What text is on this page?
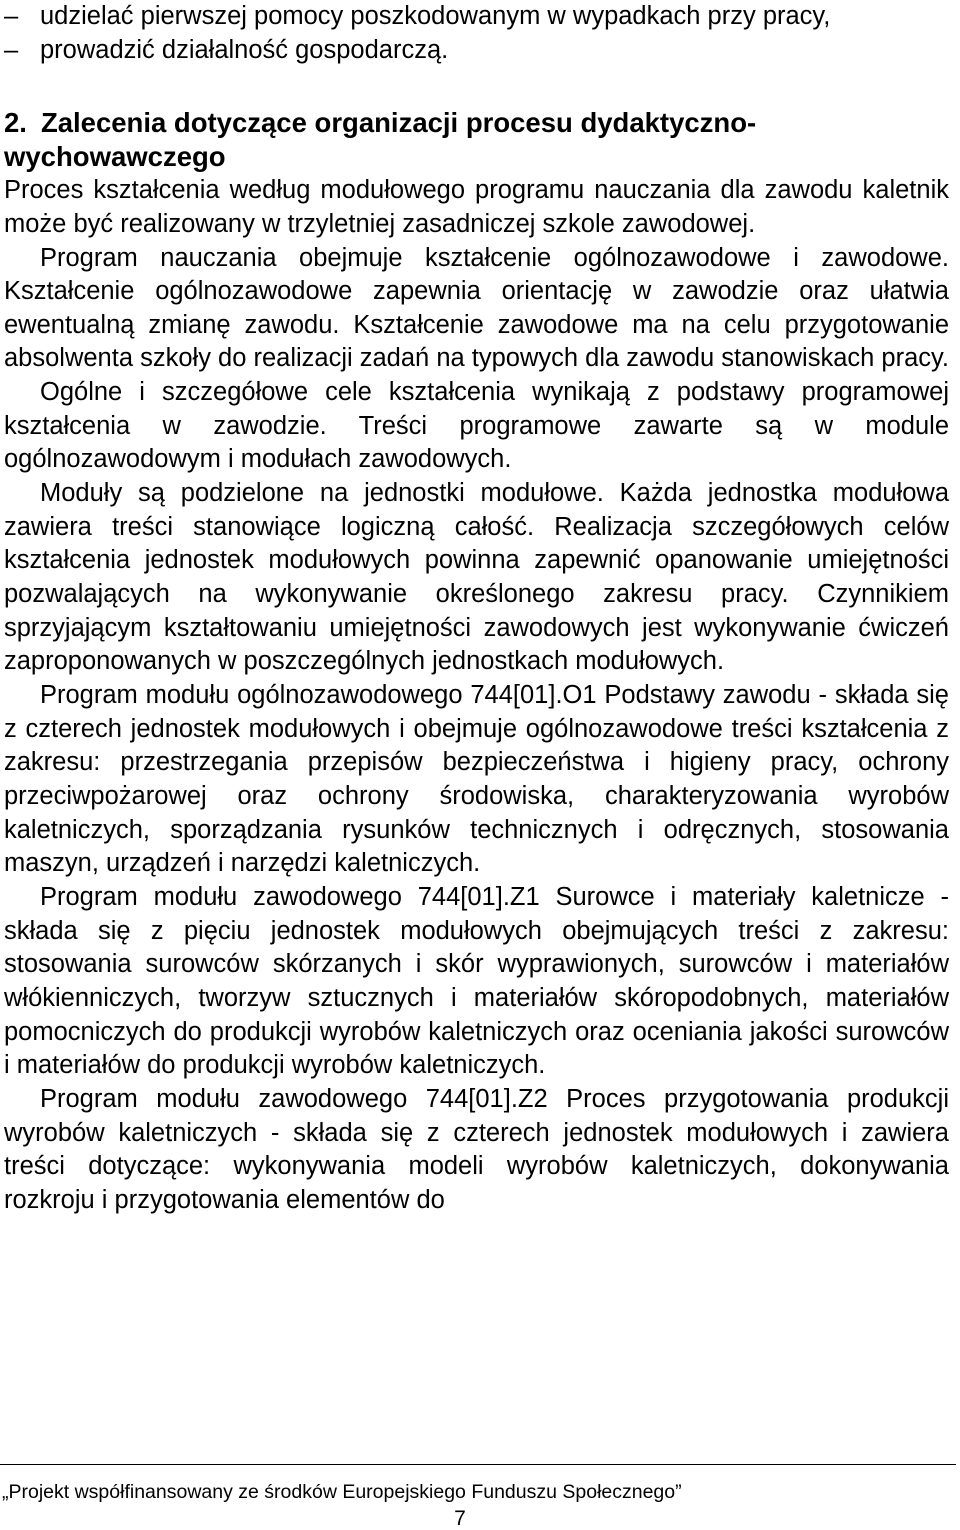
– udzielać pierwszej pomocy poszkodowanym w wypadkach przy pracy,
– prowadzić działalność gospodarczą.
2. Zalecenia dotyczące organizacji procesu dydaktyczno-wychowawczego

Proces kształcenia według modułowego programu nauczania dla zawodu kaletnik może być realizowany w trzyletniej zasadniczej szkole zawodowej.

Program nauczania obejmuje kształcenie ogólnozawodowe i zawodowe. Kształcenie ogólnozawodowe zapewnia orientację w zawodzie oraz ułatwia ewentualną zmianę zawodu. Kształcenie zawodowe ma na celu przygotowanie absolwenta szkoły do realizacji zadań na typowych dla zawodu stanowiskach pracy.

Ogólne i szczegółowe cele kształcenia wynikają z podstawy programowej kształcenia w zawodzie. Treści programowe zawarte są w module ogólnozawodowym i modułach zawodowych.

Moduły są podzielone na jednostki modułowe. Każda jednostka modułowa zawiera treści stanowiące logiczną całość. Realizacja szczegółowych celów kształcenia jednostek modułowych powinna zapewnić opanowanie umiejętności pozwalających na wykonywanie określonego zakresu pracy. Czynnikiem sprzyjającym kształtowaniu umiejętności zawodowych jest wykonywanie ćwiczeń zaproponowanych w poszczególnych jednostkach modułowych.

Program modułu ogólnozawodowego 744[01].O1 Podstawy zawodu - składa się z czterech jednostek modułowych i obejmuje ogólnozawodowe treści kształcenia z zakresu: przestrzegania przepisów bezpieczeństwa i higieny pracy, ochrony przeciwpożarowej oraz ochrony środowiska, charakteryzowania wyrobów kaletniczych, sporządzania rysunków technicznych i odręcznych, stosowania maszyn, urządzeń i narzędzi kaletniczych.

Program modułu zawodowego 744[01].Z1 Surowce i materiały kaletnicze - składa się z pięciu jednostek modułowych obejmujących treści z zakresu: stosowania surowców skórzanych i skór wyprawionych, surowców i materiałów włókienniczych, tworzyw sztucznych i materiałów skóropodobnych, materiałów pomocniczych do produkcji wyrobów kaletniczych oraz oceniania jakości surowców i materiałów do produkcji wyrobów kaletniczych.

Program modułu zawodowego 744[01].Z2 Proces przygotowania produkcji wyrobów kaletniczych - składa się z czterech jednostek modułowych i zawiera treści dotyczące: wykonywania modeli wyrobów kaletniczych, dokonywania rozkroju i przygotowania elementów do

„Projekt współfinansowany ze środków Europejskiego Funduszu Społecznego”
7
